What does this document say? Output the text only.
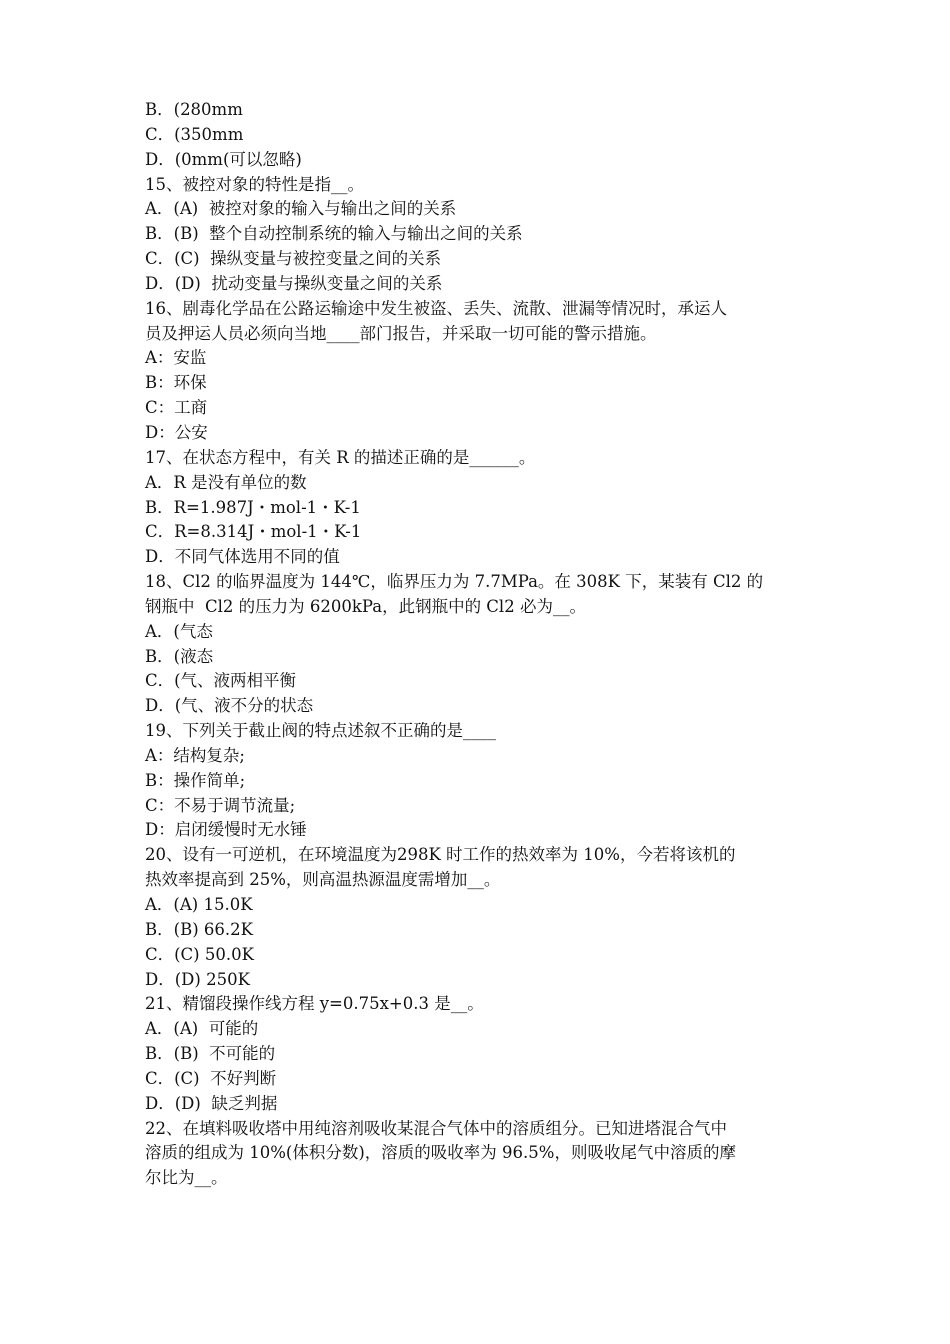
B．(280mm
C．(350mm
D．(0mm(可以忽略)
15、被控对象的特性是指__。
A．(A)  被控对象的输入与输出之间的关系
B．(B)  整个自动控制系统的输入与输出之间的关系
C．(C)  操纵变量与被控变量之间的关系
D．(D)  扰动变量与操纵变量之间的关系
16、剧毒化学品在公路运输途中发生被盗、丢失、流散、泄漏等情况时，承运人
员及押运人员必须向当地____部门报告，并采取一切可能的警示措施。
A：安监
B：环保
C：工商
D：公安
17、在状态方程中，有关 R 的描述正确的是______。
A．R 是没有单位的数
B．R=1.987J・mol-1・K-1
C．R=8.314J・mol-1・K-1
D．不同气体选用不同的值
18、Cl2 的临界温度为 144℃，临界压力为 7.7MPa。在 308K 下，某装有 Cl2 的
钢瓶中  Cl2 的压力为 6200kPa，此钢瓶中的 Cl2 必为__。
A．(气态
B．(液态
C．(气、液两相平衡
D．(气、液不分的状态
19、下列关于截止阀的特点述叙不正确的是____
A：结构复杂;
B：操作简单;
C：不易于调节流量;
D：启闭缓慢时无水锤
20、设有一可逆机，在环境温度为298K 时工作的热效率为 10%，今若将该机的
热效率提高到 25%，则高温热源温度需增加__。
A．(A) 15.0K
B．(B) 66.2K
C．(C) 50.0K
D．(D) 250K
21、精馏段操作线方程 y=0.75x+0.3 是__。
A．(A)  可能的
B．(B)  不可能的
C．(C)  不好判断
D．(D)  缺乏判据
22、在填料吸收塔中用纯溶剂吸收某混合气体中的溶质组分。已知进塔混合气中
溶质的组成为 10%(体积分数)，溶质的吸收率为 96.5%，则吸收尾气中溶质的摩
尔比为__。
